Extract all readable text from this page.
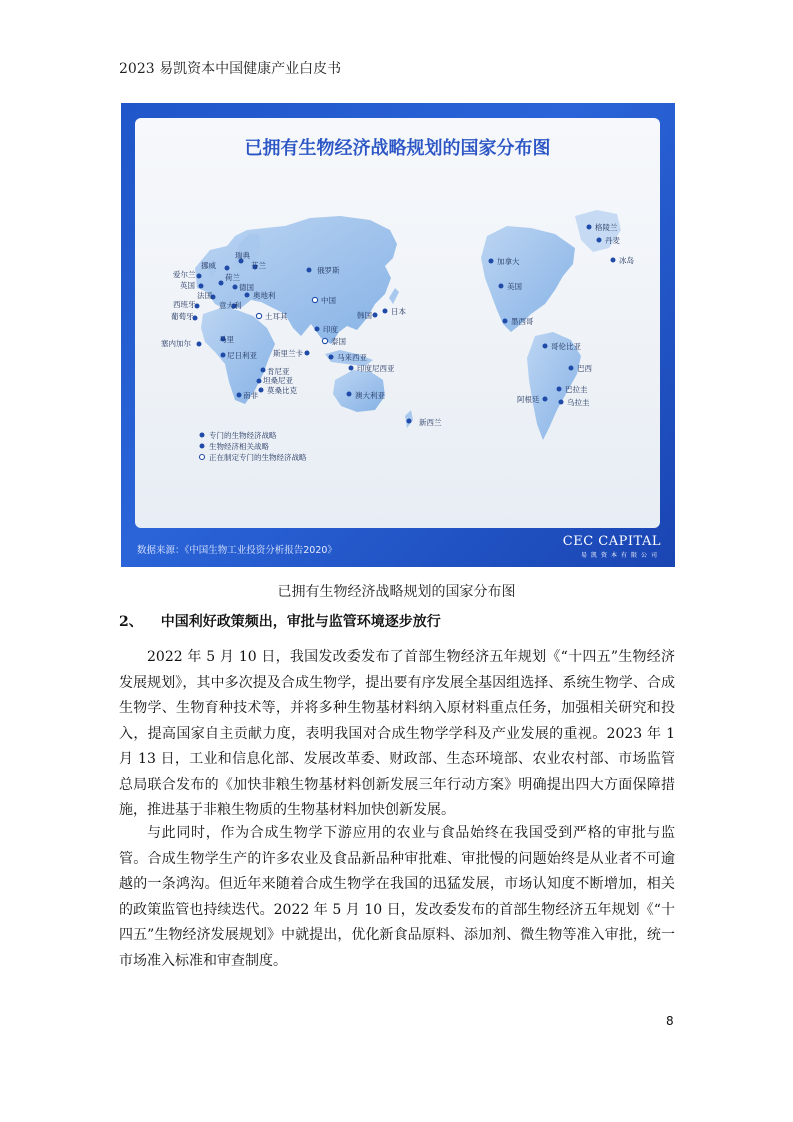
2023 易凯资本中国健康产业白皮书
已拥有生物经济战略规划的国家分布图
格陵兰
丹麦
冰岛
瑞典
挪威	芬兰
爱尔兰
英国
荷兰
德国
法国	奥地利
西班牙	意大利
葡萄牙
俄罗斯
中国
土耳其
日本
韩国
印度
泰国
塞内加尔	马里
尼日利亚 斯里兰卡	马来西亚
印度尼西亚
肯尼亚
坦桑尼亚
莫桑比克
南非	澳大利亚
新西兰
加拿大
美国
墨西哥
哥伦比亚
巴西
巴拉圭
阿根廷	乌拉圭
专门的生物经济战略
生物经济相关战略
正在制定专门的生物经济战略
数据来源：《中国生物工业投资分析报告2020》
CEC CAPITAL
易凯资本有限公司
已拥有生物经济战略规划的国家分布图
2、 中国利好政策频出，审批与监管环境逐步放行

2022 年 5 月 10 日，我国发改委发布了首部生物经济五年规划《“十四五”生物经济发展规划》，其中多次提及合成生物学，提出要有序发展全基因组选择、系统生物学、合成生物学、生物育种技术等，并将多种生物基材料纳入原材料重点任务，加强相关研究和投入，提高国家自主贡献力度，表明我国对合成生物学学科及产业发展的重视。2023 年 1 月 13 日，工业和信息化部、发展改革委、财政部、生态环境部、农业农村部、市场监管总局联合发布的《加快非粮生物基材料创新发展三年行动方案》明确提出四大方面保障措施，推进基于非粮生物质的生物基材料加快创新发展。

与此同时，作为合成生物学下游应用的农业与食品始终在我国受到严格的审批与监管。合成生物学生产的许多农业及食品新品种审批难、审批慢的问题始终是从业者不可逾越的一条鸿沟。但近年来随着合成生物学在我国的迅猛发展，市场认知度不断增加，相关的政策监管也持续迭代。2022 年 5 月 10 日，发改委发布的首部生物经济五年规划《“十四五”生物经济发展规划》中就提出，优化新食品原料、添加剂、微生物等准入审批，统一市场准入标准和审查制度。

8
